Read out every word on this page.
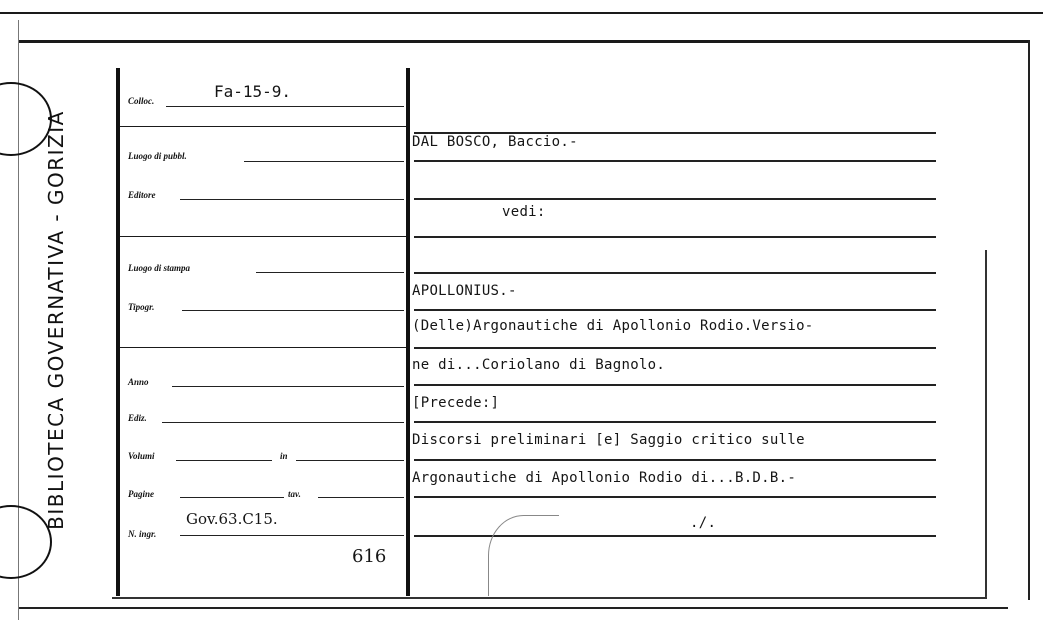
BIBLIOTECA GOVERNATIVA - GORIZIA
Colloc.	Fa-15-9.
Luogo di pubbl.
Editore
Luogo di stampa
Tipogr.
Anno
Ediz.
Volumi	in
Pagine	tav.
N. ingr.
Gov.63.C15.
616
DAL BOSCO, Baccio.-
vedi:
APOLLONIUS.-
(Delle)Argonautiche di Apollonio Rodio.Versio-
ne di...Coriolano di Bagnolo.
[Precede:]
Discorsi preliminari [e] Saggio critico sulle
Argonautiche di Apollonio Rodio di...B.D.B.-
./.
